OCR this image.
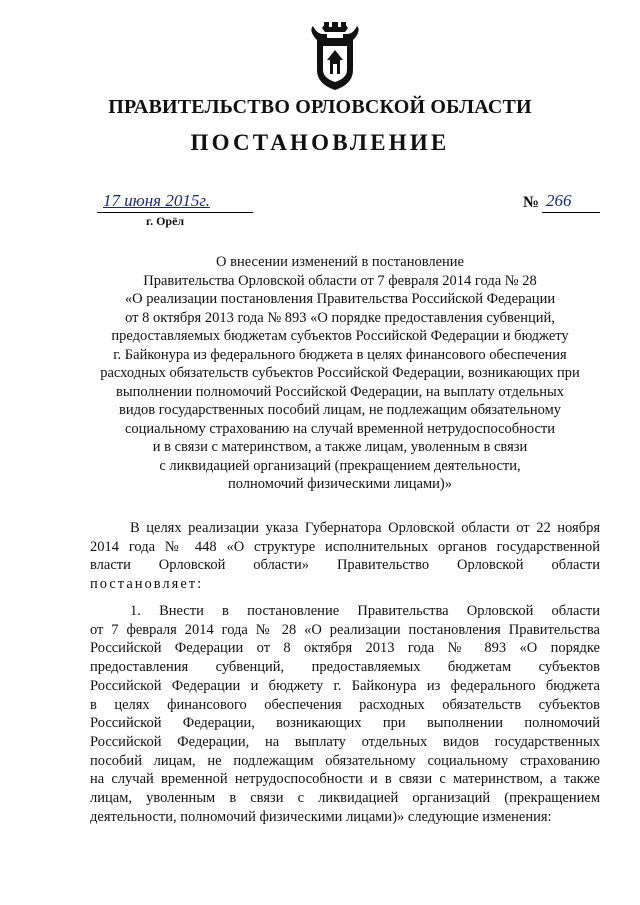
ПРАВИТЕЛЬСТВО ОРЛОВСКОЙ ОБЛАСТИ
ПОСТАНОВЛЕНИЕ
17 июня 2015г.
г. Орёл
№ 266
О внесении изменений в постановление
Правительства Орловской области от 7 февраля 2014 года № 28
«О реализации постановления Правительства Российской Федерации
от 8 октября 2013 года № 893 «О порядке предоставления субвенций,
предоставляемых бюджетам субъектов Российской Федерации и бюджету
г. Байконура из федерального бюджета в целях финансового обеспечения
расходных обязательств субъектов Российской Федерации, возникающих при
выполнении полномочий Российской Федерации, на выплату отдельных
видов государственных пособий лицам, не подлежащим обязательному
социальному страхованию на случай временной нетрудоспособности
и в связи с материнством, а также лицам, уволенным в связи
с ликвидацией организаций (прекращением деятельности,
полномочий физическими лицами)»
В целях реализации указа Губернатора Орловской области от 22 ноября
2014 года № 448 «О структуре исполнительных органов государственной
власти Орловской области» Правительство Орловской области
постановляет:
1. Внести в постановление Правительства Орловской области
от 7 февраля 2014 года № 28 «О реализации постановления Правительства
Российской Федерации от 8 октября 2013 года № 893 «О порядке
предоставления субвенций, предоставляемых бюджетам субъектов
Российской Федерации и бюджету г. Байконура из федерального бюджета
в целях финансового обеспечения расходных обязательств субъектов
Российской Федерации, возникающих при выполнении полномочий
Российской Федерации, на выплату отдельных видов государственных
пособий лицам, не подлежащим обязательному социальному страхованию
на случай временной нетрудоспособности и в связи с материнством, а также
лицам, уволенным в связи с ликвидацией организаций (прекращением
деятельности, полномочий физическими лицами)» следующие изменения:
